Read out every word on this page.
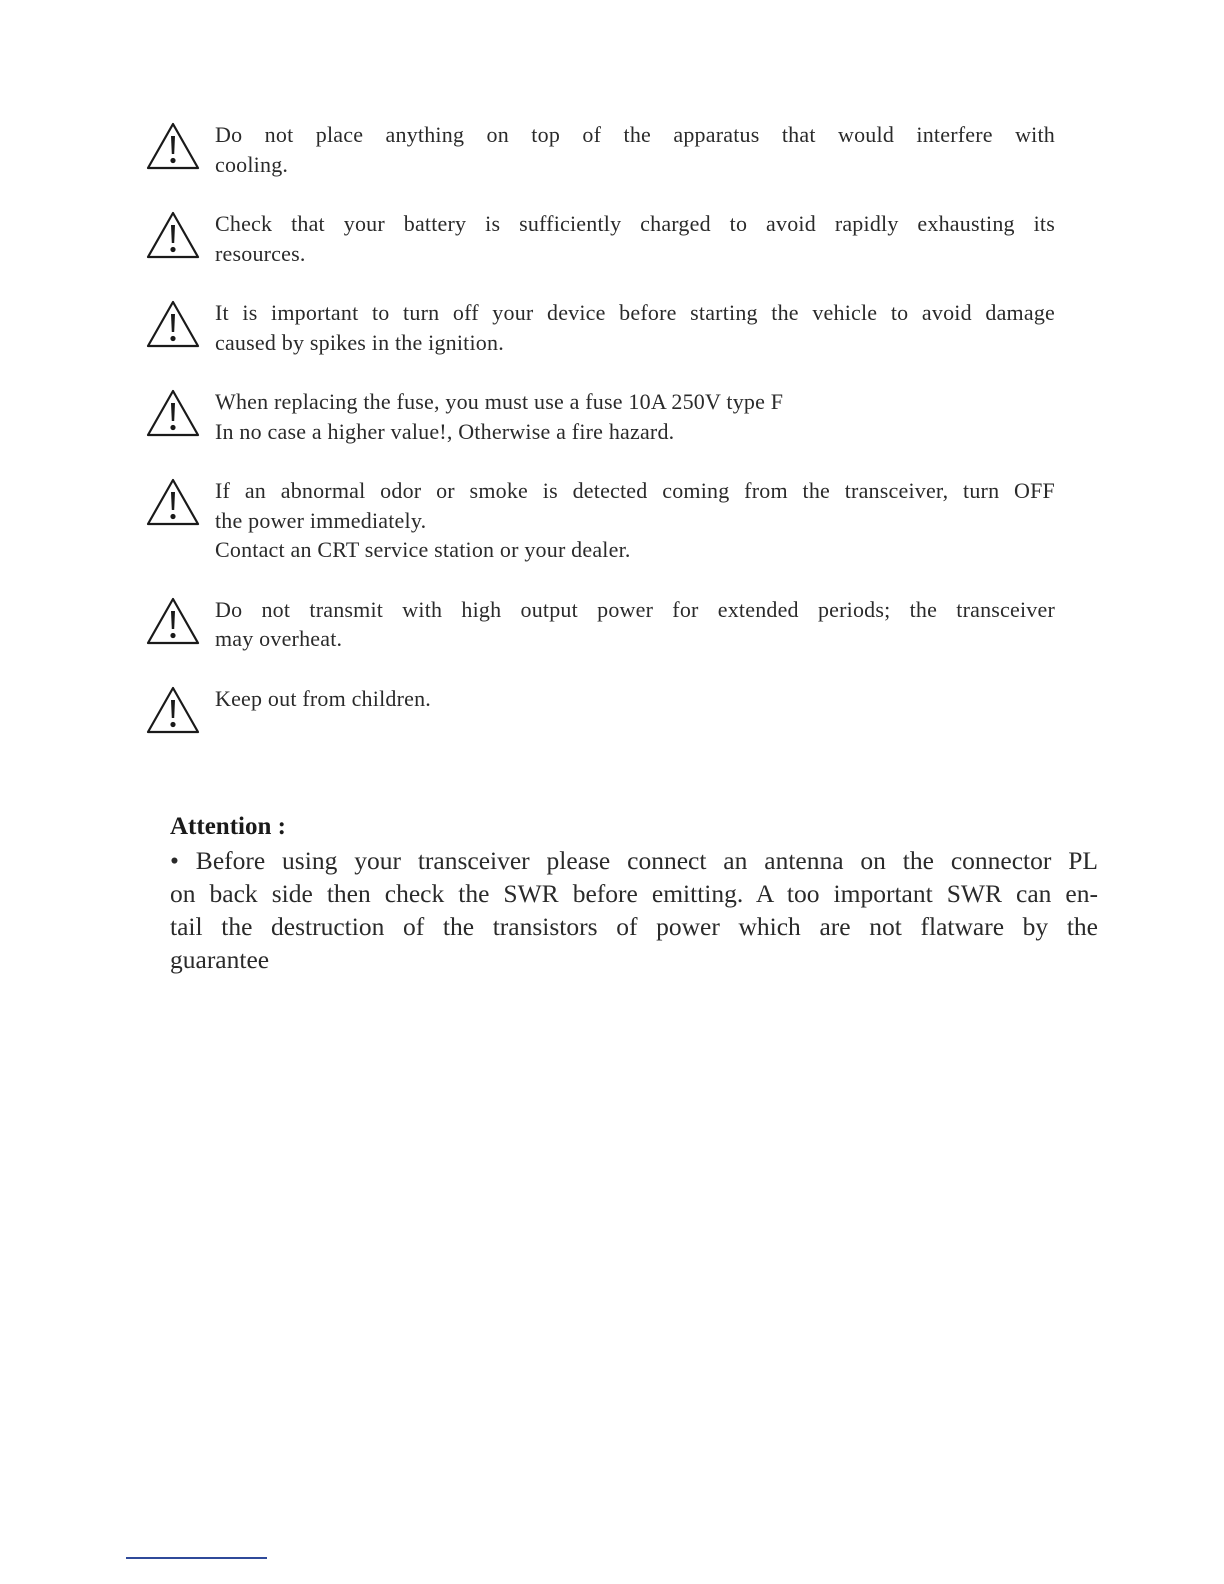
Do not place anything on top of the apparatus that would interfere with
cooling.
Check that your battery is sufficiently charged to avoid rapidly exhausting its
resources.
It is important to turn off your device before starting the vehicle to avoid damage
caused by spikes in the ignition.
When replacing the fuse, you must use a fuse 10A 250V type F
In no case a higher value!, Otherwise a fire hazard.
If an abnormal odor or smoke is detected coming from the transceiver, turn OFF
the power immediately.
Contact an CRT service station or your dealer.
Do not transmit with high output power for extended periods; the transceiver
may overheat.
Keep out from children.
Attention :

• Before using your transceiver please connect an antenna on the connector PL
on back side then check the SWR before emitting. A too important SWR can en-
tail the destruction of the transistors of power which are not flatware by the
guarantee
